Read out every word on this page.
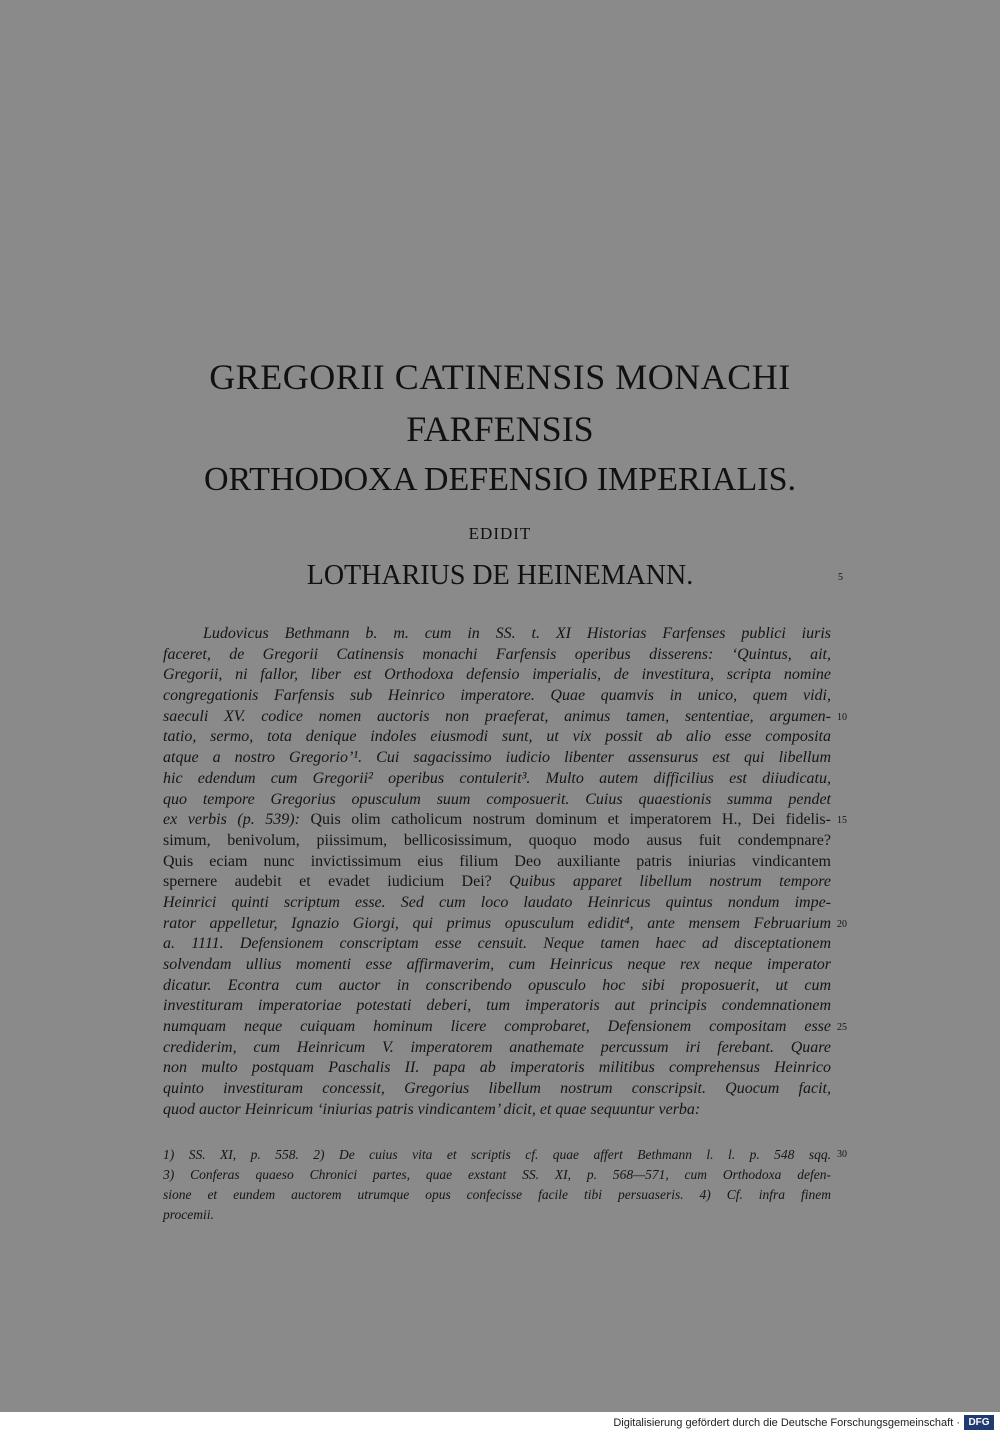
GREGORII CATINENSIS MONACHI
FARFENSIS
ORTHODOXA DEFENSIO IMPERIALIS.
EDIDIT
LOTHARIUS DE HEINEMANN.	5
Ludovicus Bethmann b. m. cum in SS. t. XI Historias Farfenses publici iuris
faceret, de Gregorii Catinensis monachi Farfensis operibus disserens: ‘Quintus, ait,
Gregorii, ni fallor, liber est Orthodoxa defensio imperialis, de investitura, scripta nomine
congregationis Farfensis sub Heinrico imperatore. Quae quamvis in unico, quem vidi,
saeculi XV. codice nomen auctoris non praeferat, animus tamen, sententiae, argumen-
tatio, sermo, tota denique indoles eiusmodi sunt, ut vix possit ab alio esse composita
atque a nostro Gregorio’¹. Cui sagacissimo iudicio libenter assensurus est qui libellum
hic edendum cum Gregorii² operibus contulerit³. Multo autem difficilius est diiudicatu,
quo tempore Gregorius opusculum suum composuerit. Cuius quaestionis summa pendet
ex verbis (p. 539): Quis olim catholicum nostrum dominum et imperatorem H., Dei fidelis-
simum, benivolum, piissimum, bellicosissimum, quoquo modo ausus fuit condempnare?
Quis eciam nunc invictissimum eius filium Deo auxiliante patris iniurias vindicantem
spernere audebit et evadet iudicium Dei? Quibus apparet libellum nostrum tempore
Heinrici quinti scriptum esse. Sed cum loco laudato Heinricus quintus nondum impe-
rator appelletur, Ignazio Giorgi, qui primus opusculum edidit⁴, ante mensem Februarium
a. 1111. Defensionem conscriptam esse censuit. Neque tamen haec ad disceptationem
solvendam ullius momenti esse affirmaverim, cum Heinricus neque rex neque imperator
dicatur. Econtra cum auctor in conscribendo opusculo hoc sibi proposuerit, ut cum
investituram imperatoriae potestati deberi, tum imperatoris aut principis condemnationem
numquam neque cuiquam hominum licere comprobaret, Defensionem compositam esse
crediderim, cum Heinricum V. imperatorem anathemate percussum iri ferebant. Quare
non multo postquam Paschalis II. papa ab imperatoris militibus comprehensus Heinrico
quinto investituram concessit, Gregorius libellum nostrum conscripsit. Quocum facit,
quod auctor Heinricum ‘iniurias patris vindicantem’ dicit, et quae sequuntur verba:
10
15
20
25
1) SS. XI, p. 558. 2) De cuius vita et scriptis cf. quae affert Bethmann l. l. p. 548 sqq.
3) Conferas quaeso Chronici partes, quae exstant SS. XI, p. 568—571, cum Orthodoxa defen-
sione et eundem auctorem utrumque opus confecisse facile tibi persuaseris. 4) Cf. infra finem
procemii.
30
Digitalisierung gefördert durch die Deutsche Forschungsgemeinschaft · DFG
